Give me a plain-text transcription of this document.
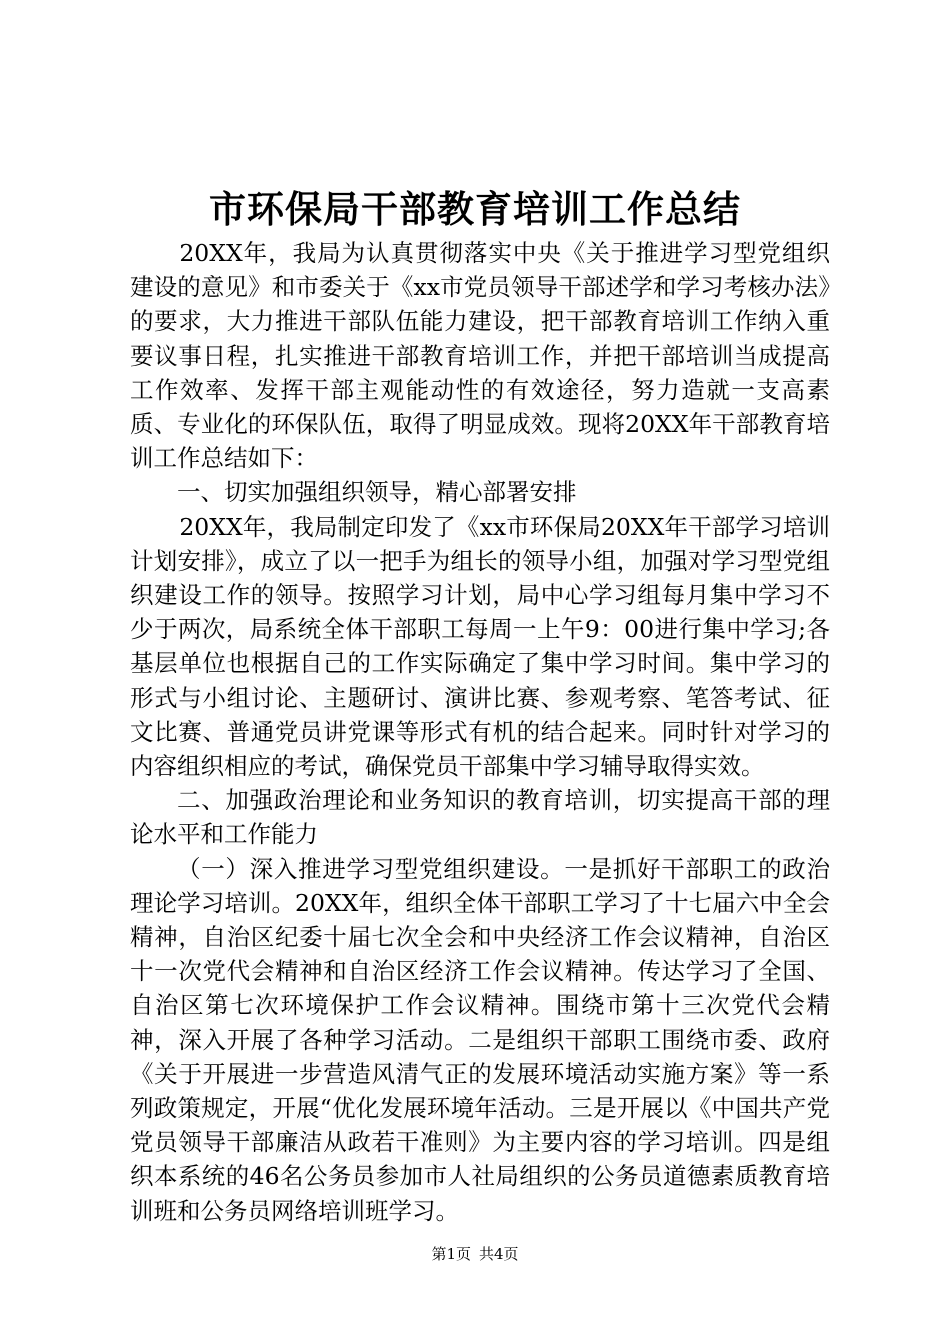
市环保局干部教育培训工作总结

20XX年，我局为认真贯彻落实中央《关于推进学习型党组织建设的意见》和市委关于《xx市党员领导干部述学和学习考核办法》的要求，大力推进干部队伍能力建设，把干部教育培训工作纳入重要议事日程，扎实推进干部教育培训工作，并把干部培训当成提高工作效率、发挥干部主观能动性的有效途径，努力造就一支高素质、专业化的环保队伍，取得了明显成效。现将20XX年干部教育培训工作总结如下：

一、切实加强组织领导，精心部署安排

20XX年，我局制定印发了《xx市环保局20XX年干部学习培训计划安排》，成立了以一把手为组长的领导小组，加强对学习型党组织建设工作的领导。按照学习计划，局中心学习组每月集中学习不少于两次，局系统全体干部职工每周一上午9：00进行集中学习;各基层单位也根据自己的工作实际确定了集中学习时间。集中学习的形式与小组讨论、主题研讨、演讲比赛、参观考察、笔答考试、征文比赛、普通党员讲党课等形式有机的结合起来。同时针对学习的内容组织相应的考试，确保党员干部集中学习辅导取得实效。

二、加强政治理论和业务知识的教育培训，切实提高干部的理论水平和工作能力

（一）深入推进学习型党组织建设。一是抓好干部职工的政治理论学习培训。20XX年，组织全体干部职工学习了十七届六中全会精神，自治区纪委十届七次全会和中央经济工作会议精神，自治区十一次党代会精神和自治区经济工作会议精神。传达学习了全国、自治区第七次环境保护工作会议精神。围绕市第十三次党代会精神，深入开展了各种学习活动。二是组织干部职工围绕市委、政府《关于开展进一步营造风清气正的发展环境活动实施方案》等一系列政策规定，开展“优化发展环境年活动。三是开展以《中国共产党党员领导干部廉洁从政若干准则》为主要内容的学习培训。四是组织本系统的46名公务员参加市人社局组织的公务员道德素质教育培训班和公务员网络培训班学习。

第1页 共4页
